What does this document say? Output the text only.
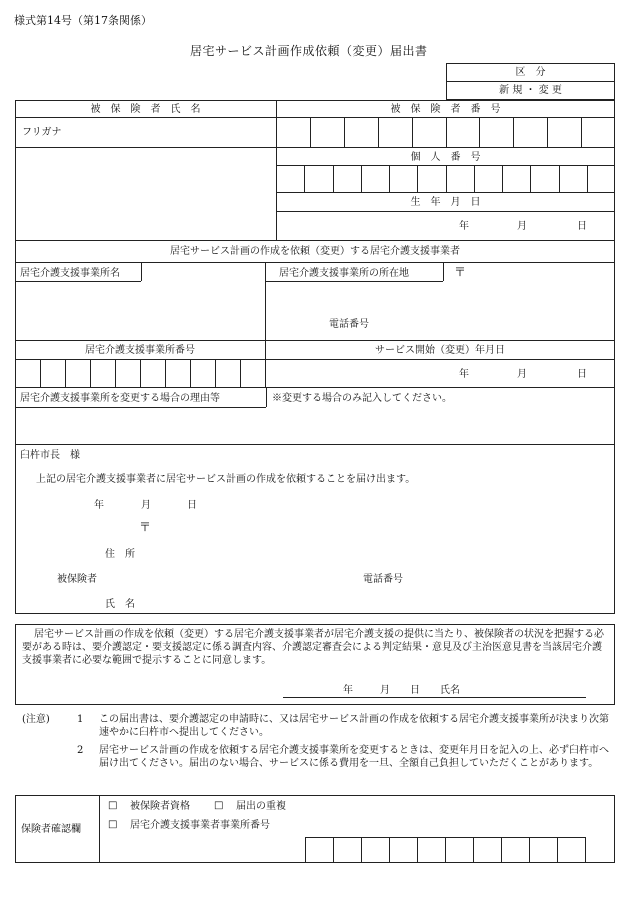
様式第14号（第17条関係）
居宅サービス計画作成依頼（変更）届出書
区　分
新 規 ・ 変 更
被　保　険　者　氏　名	被　保　険　者　番　号
フリガナ
個　人　番　号
生　年　月　日
年	月	日
居宅サービス計画の作成を依頼（変更）する居宅介護支援事業者
居宅介護支援事業所名	居宅介護支援事業所の所在地	〒
電話番号
居宅介護支援事業所番号	サービス開始（変更）年月日
年	月	日
居宅介護支援事業所を変更する場合の理由等	※変更する場合のみ記入してください。
臼杵市長　様
上記の居宅介護支援事業者に居宅サービス計画の作成を依頼することを届け出ます。
年	月	日
〒
住　所
被保険者	電話番号
氏　名
居宅サービス計画の作成を依頼（変更）する居宅介護支援事業者が居宅介護支援の提供に当たり、被保険者の状況を把握する必要がある時は、要介護認定・要支援認定に係る調査内容、介護認定審査会による判定結果・意見及び主治医意見書を当該居宅介護支援事業者に必要な範囲で提示することに同意します。
年	月 日 氏名
(注意)	1 この届出書は、要介護認定の申請時に、又は居宅サービス計画の作成を依頼する居宅介護支援事業所が決まり次第速やかに臼杵市へ提出してください。
2 居宅サービス計画の作成を依頼する居宅介護支援事業所を変更するときは、変更年月日を記入の上、必ず臼杵市へ届け出てください。届出のない場合、サービスに係る費用を一旦、全額自己負担していただくことがあります。
保険者確認欄
□ 被保険者資格 □ 届出の重複
□ 居宅介護支援事業者事業所番号
